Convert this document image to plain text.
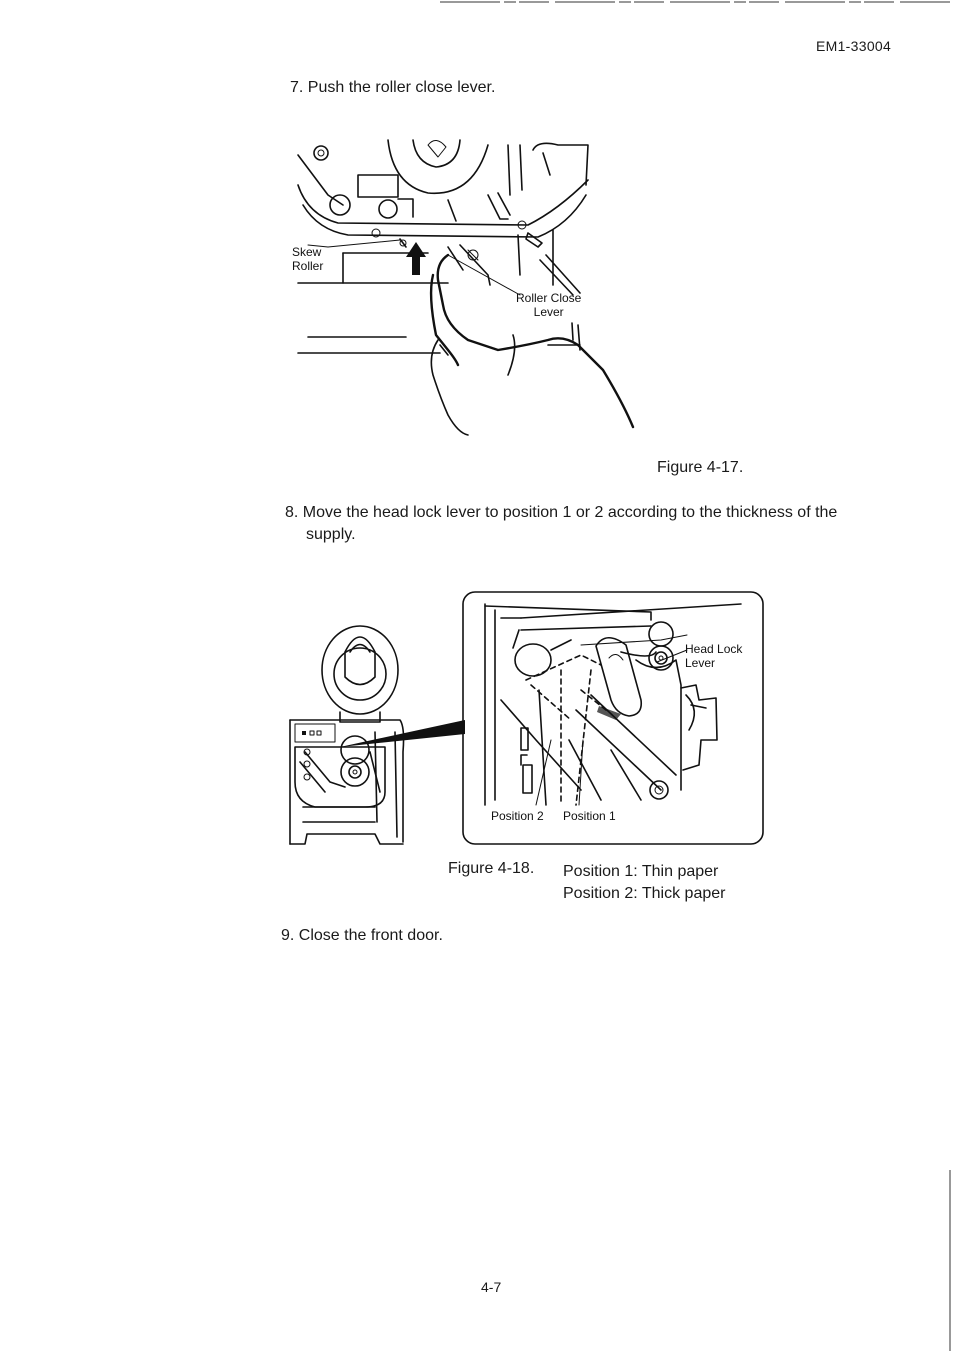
EM1-33004
7. Push the roller close lever.
Skew
Roller
Roller Close
Lever
Figure 4-17.
8. Move the head lock lever to position 1 or 2 according to the thickness of the
supply.
Head Lock
Lever
Position 2 Position 1
Figure 4-18. Position 1: Thin paper
Position 2: Thick paper
9. Close the front door.
4-7
